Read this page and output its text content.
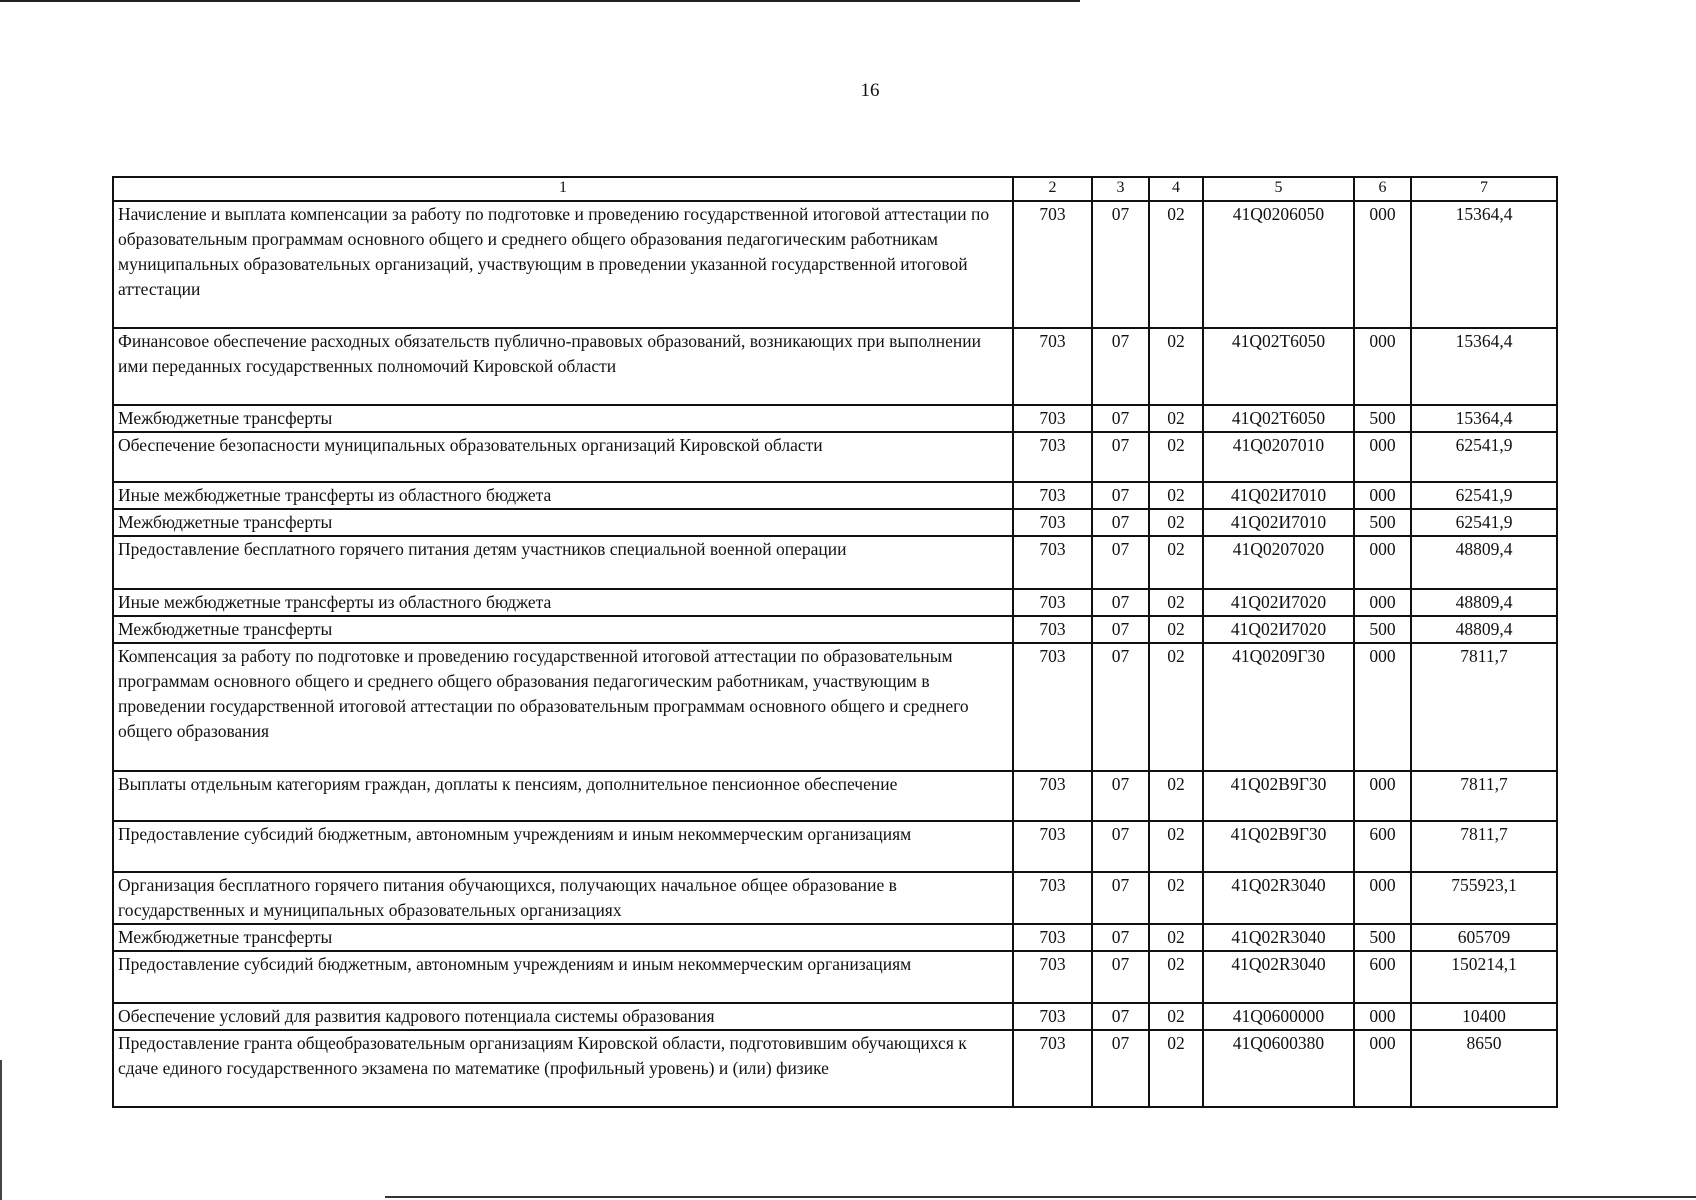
16
1	2	3	4	5	6	7
Начисление и выплата компенсации за работу по подготовке и проведению государственной итоговой аттестации по образовательным программам основного общего и среднего общего образования педагогическим работникам муниципальных образовательных организаций, участвующим в проведении указанной государственной итоговой аттестации	703	07	02	41Q0206050	000	15364,4
Финансовое обеспечение расходных обязательств публично-правовых образований, возникающих при выполнении ими переданных государственных полномочий Кировской области	703	07	02	41Q02Т6050	000	15364,4
Межбюджетные трансферты	703	07	02	41Q02Т6050	500	15364,4
Обеспечение безопасности муниципальных образовательных организаций Кировской области	703	07	02	41Q0207010	000	62541,9
Иные межбюджетные трансферты из областного бюджета	703	07	02	41Q02И7010	000	62541,9
Межбюджетные трансферты	703	07	02	41Q02И7010	500	62541,9
Предоставление бесплатного горячего питания детям участников специальной военной операции	703	07	02	41Q0207020	000	48809,4
Иные межбюджетные трансферты из областного бюджета	703	07	02	41Q02И7020	000	48809,4
Межбюджетные трансферты	703	07	02	41Q02И7020	500	48809,4
Компенсация за работу по подготовке и проведению государственной итоговой аттестации по образовательным программам основного общего и среднего общего образования педагогическим работникам, участвующим в проведении государственной итоговой аттестации по образовательным программам основного общего и среднего общего образования	703	07	02	41Q0209Г30	000	7811,7
Выплаты отдельным категориям граждан, доплаты к пенсиям, дополнительное пенсионное обеспечение	703	07	02	41Q02В9Г30	000	7811,7
Предоставление субсидий бюджетным, автономным учреждениям и иным некоммерческим организациям	703	07	02	41Q02В9Г30	600	7811,7
Организация бесплатного горячего питания обучающихся, получающих начальное общее образование в государственных и муниципальных образовательных организациях	703	07	02	41Q02R3040	000	755923,1
Межбюджетные трансферты	703	07	02	41Q02R3040	500	605709
Предоставление субсидий бюджетным, автономным учреждениям и иным некоммерческим организациям	703	07	02	41Q02R3040	600	150214,1
Обеспечение условий для развития кадрового потенциала системы образования	703	07	02	41Q0600000	000	10400
Предоставление гранта общеобразовательным организациям Кировской области, подготовившим обучающихся к сдаче единого государственного экзамена по математике (профильный уровень) и (или) физике	703	07	02	41Q0600380	000	8650
